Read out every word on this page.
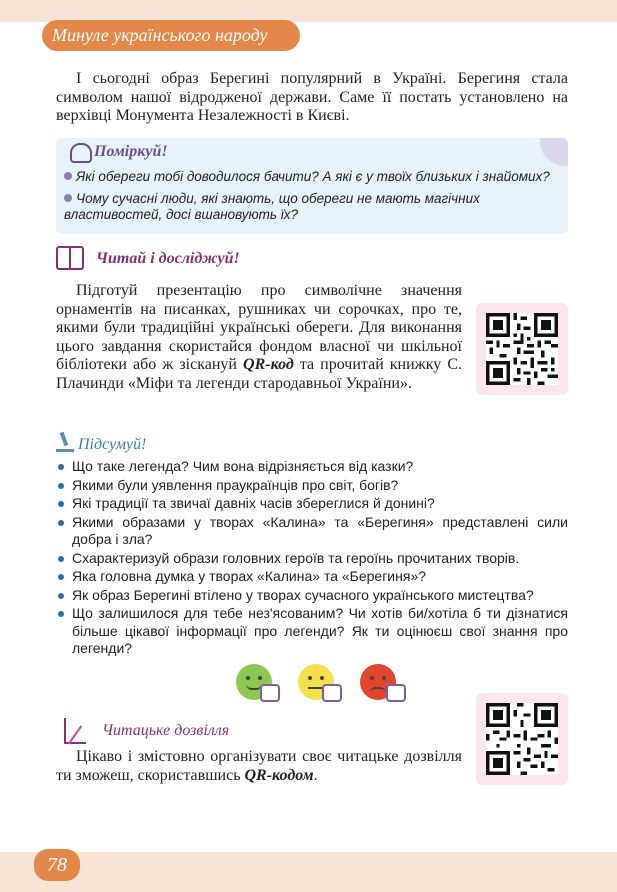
Минуле українського народу

І сьогодні образ Берегині популярний в Україні. Берегиня стала символом нашої відродженої держави. Саме її постать установлено на верхівці Монумента Незалежності в Києві.

Поміркуй!
Які обереги тобі доводилося бачити? А які є у твоїх близьких і знайомих?
Чому сучасні люди, які знають, що обереги не мають магічних властивостей, досі вшановують їх?
Читай і досліджуй!

Підготуй презентацію про символічне значення орнаментів на писанках, рушниках чи сорочках, про те, якими були традиційні українські обереги. Для виконання цього завдання скористайся фондом власної чи шкільної бібліотеки або ж зіскануй QR-код та прочитай книжку С. Плачинди «Міфи та легенди стародавньої України».

Підсумуй!
Що таке легенда? Чим вона відрізняється від казки?
Якими були уявлення праукраїнців про світ, богів?
Які традиції та звичаї давніх часів збереглися й донині?
Якими образами у творах «Калина» та «Берегиня» представлені сили добра і зла?
Схарактеризуй образи головних героїв та героїнь прочитаних творів.
Яка головна думка у творах «Калина» та «Берегиня»?
Як образ Берегині втілено у творах сучасного українського мистецтва?
Що залишилося для тебе нез'ясованим? Чи хотів би/хотіла б ти дізнатися більше цікавої інформації про легенди? Як ти оцінюєш свої знання про легенди?
Читацьке дозвілля

Цікаво і змістовно організувати своє читацьке дозвілля ти зможеш, скориставшись QR-кодом.

78
